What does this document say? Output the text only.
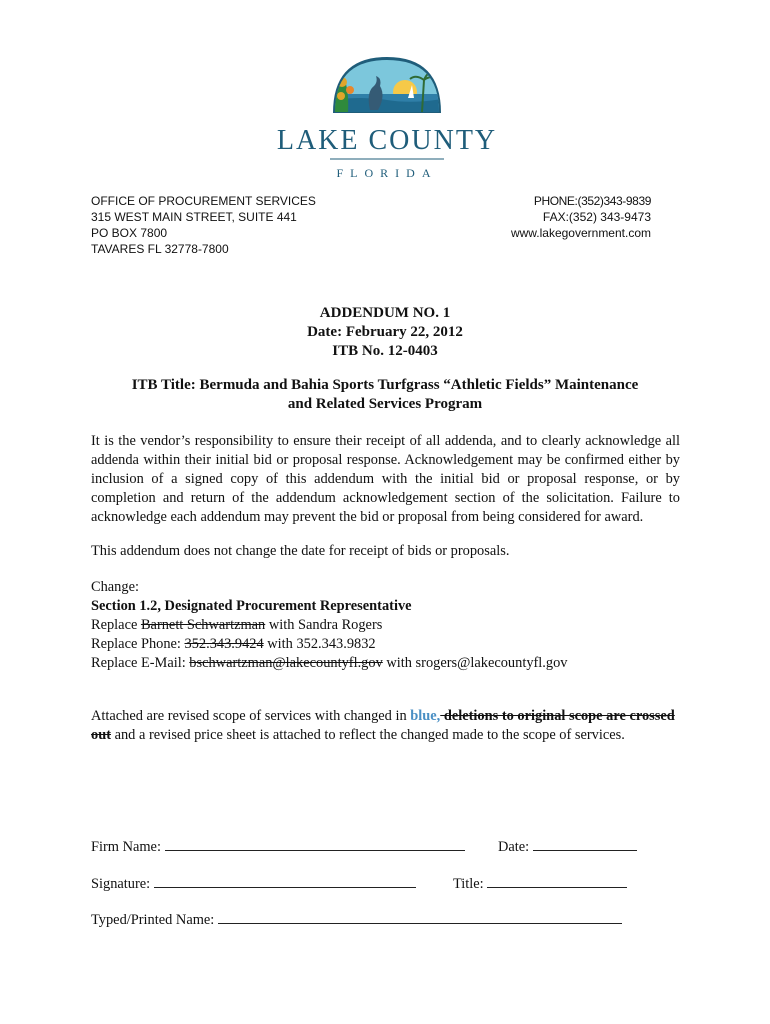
LAKE COUNTY
FLORIDA
OFFICE OF PROCUREMENT SERVICES
315 WEST MAIN STREET, SUITE 441
PO BOX 7800
TAVARES FL 32778-7800
PHONE:(352)343-9839
FAX:(352) 343-9473
www.lakegovernment.com
ADDENDUM NO. 1
Date: February 22, 2012
ITB No. 12-0403
ITB Title: Bermuda and Bahia Sports Turfgrass “Athletic Fields” Maintenance
and Related Services Program
It is the vendor’s responsibility to ensure their receipt of all addenda, and to clearly acknowledge all addenda within their initial bid or proposal response. Acknowledgement may be confirmed either by inclusion of a signed copy of this addendum with the initial bid or proposal response, or by completion and return of the addendum acknowledgement section of the solicitation. Failure to acknowledge each addendum may prevent the bid or proposal from being considered for award.
This addendum does not change the date for receipt of bids or proposals.
Change:
Section 1.2, Designated Procurement Representative
Replace Barnett Schwartzman with Sandra Rogers
Replace Phone: 352.343.9424 with 352.343.9832
Replace E-Mail: bschwartzman@lakecountyfl.gov with srogers@lakecountyfl.gov
Attached are revised scope of services with changed in blue, deletions to original scope are crossed out and a revised price sheet is attached to reflect the changed made to the scope of services.
Firm Name:	Date:
Signature:	Title:
Typed/Printed Name:
